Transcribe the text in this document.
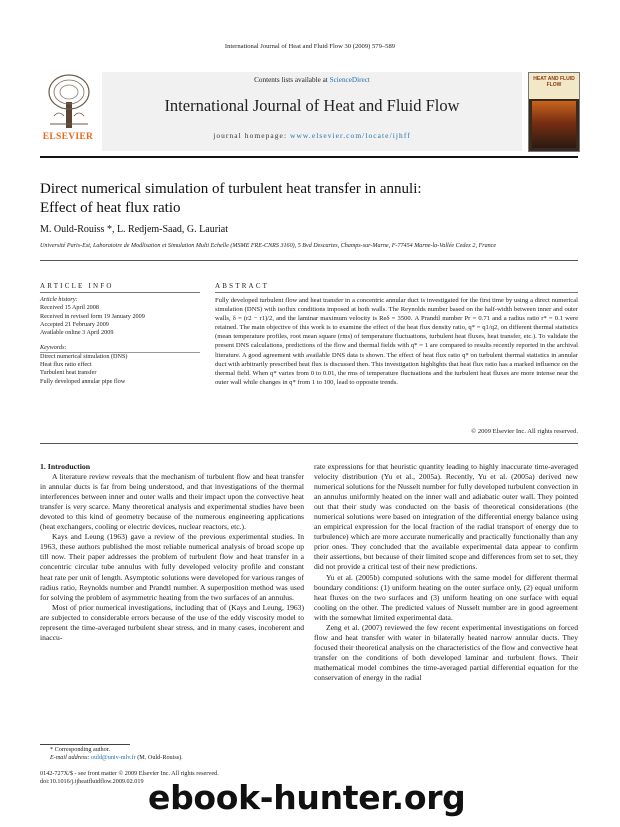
International Journal of Heat and Fluid Flow 30 (2009) 579–589
ELSEVIER
Contents lists available at ScienceDirect
International Journal of Heat and Fluid Flow
journal homepage: www.elsevier.com/locate/ijhff
HEAT AND FLUID FLOW
Direct numerical simulation of turbulent heat transfer in annuli: Effect of heat flux ratio
M. Ould-Rouiss *, L. Redjem-Saad, G. Lauriat
Université Paris-Est, Laboratoire de Modlisation et Simulation Multi Echelle (MSME FRE-CNRS 3160), 5 Bvd Descartes, Champs-sur-Marne, F-77454 Marne-la-Vallée Cedex 2, France
ARTICLE INFO	ABSTRACT
Article history:
Received 15 April 2008
Received in revised form 19 January 2009
Accepted 21 February 2009
Available online 3 April 2009
Keywords:
Direct numerical simulation (DNS)
Heat flux ratio effect
Turbulent heat transfer
Fully developed annular pipe flow
Fully developed turbulent flow and heat transfer in a concentric annular duct is investigated for the first time by using a direct numerical simulation (DNS) with isoflux conditions imposed at both walls. The Reynolds number based on the half-width between inner and outer walls, δ = (r2 − r1)/2, and the laminar maximum velocity is Reδ = 3500. A Prandtl number Pr = 0.71 and a radius ratio r* = 0.1 were retained. The main objective of this work is to examine the effect of the heat flux density ratio, q* = q1/q2, on different thermal statistics (mean temperature profiles, root mean square (rms) of temperature fluctuations, turbulent heat fluxes, heat transfer, etc.). To validate the present DNS calculations, predictions of the flow and thermal fields with q* = 1 are compared to results recently reported in the archival literature. A good agreement with available DNS data is shown. The effect of heat flux ratio q* on turbulent thermal statistics in annular duct with arbitrarily prescribed heat flux is discussed then. This investigation highlights that heat flux ratio has a marked influence on the thermal field. When q* varies from 0 to 0.01, the rms of temperature fluctuations and the turbulent heat fluxes are more intense near the outer wall while changes in q* from 1 to 100, lead to opposite trends.
© 2009 Elsevier Inc. All rights reserved.

1. Introduction

A literature review reveals that the mechanism of turbulent flow and heat transfer in annular ducts is far from being understood, and that investigations of the thermal interferences between inner and outer walls and their impact upon the convective heat transfer is very scarce. Many theoretical analysis and experimental studies have been devoted to this kind of geometry because of the numerous engineering applications (heat exchangers, cooling or electric devices, nuclear reactors, etc.).

Kays and Leung (1963) gave a review of the previous experimental studies. In 1963, these authors published the most reliable numerical analysis of broad scope up till now. Their paper addresses the problem of turbulent flow and heat transfer in a concentric circular tube annulus with fully developed velocity profile and constant heat rate per unit of length. Asymptotic solutions were developed for various ranges of radius ratio, Reynolds number and Prandtl number. A superposition method was used for solving the problem of asymmetric heating from the two surfaces of an annulus.

Most of prior numerical investigations, including that of (Kays and Leung, 1963) are subjected to considerable errors because of the use of the eddy viscosity model to represent the time-averaged turbulent shear stress, and in many cases, incoherent and inaccu-

rate expressions for that heuristic quantity leading to highly inaccurate time-averaged velocity distribution (Yu et al., 2005a). Recently, Yu et al. (2005a) derived new numerical solutions for the Nusselt number for fully developed turbulent convection in an annulus uniformly heated on the inner wall and adiabatic outer wall. They pointed out that their study was conducted on the basis of theoretical considerations (the numerical solutions were based on integration of the differential energy balance using an empirical expression for the local fraction of the radial transport of energy due to turbulence) which are more accurate numerically and practically functionally than any prior ones. They concluded that the available experimental data appear to confirm their assertions, but because of their limited scope and differences from set to set, they did not provide a critical test of their new predictions.

Yu et al. (2005b) computed solutions with the same model for different thermal boundary conditions: (1) uniform heating on the outer surface only, (2) equal uniform heat fluxes on the two surfaces and (3) uniform heating on one surface with equal cooling on the other. The predicted values of Nusselt number are in good agreement with the somewhat limited experimental data.

Zeng et al. (2007) reviewed the few recent experimental investigations on forced flow and heat transfer with water in bilaterally heated narrow annular ducts. They focused their theoretical analysis on the characteristics of the flow and convective heat transfer on the conditions of both developed laminar and turbulent flows. Their mathematical model combines the time-averaged partial differential equation for the conservation of energy in the radial

* Corresponding author.
E-mail address: ould@univ-mlv.fr (M. Ould-Rouiss).
0142-727X/$ - see front matter © 2009 Elsevier Inc. All rights reserved.
doi:10.1016/j.ijheatfluidflow.2009.02.019 ebook-hunter.org
